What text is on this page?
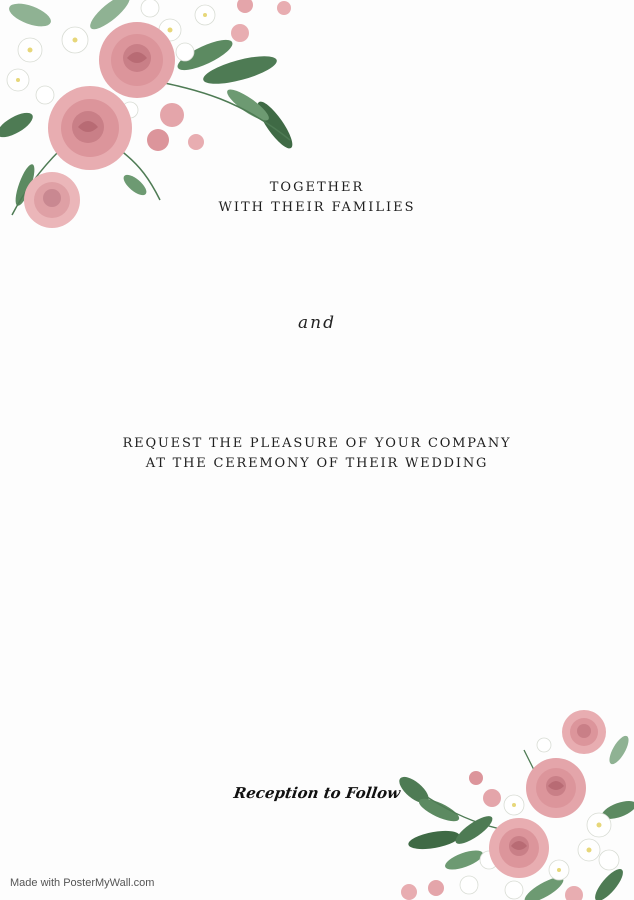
TOGETHER
WITH THEIR FAMILIES
and
REQUEST THE PLEASURE OF YOUR COMPANY
AT THE CEREMONY OF THEIR WEDDING
Reception to Follow
Made with PosterMyWall.com
